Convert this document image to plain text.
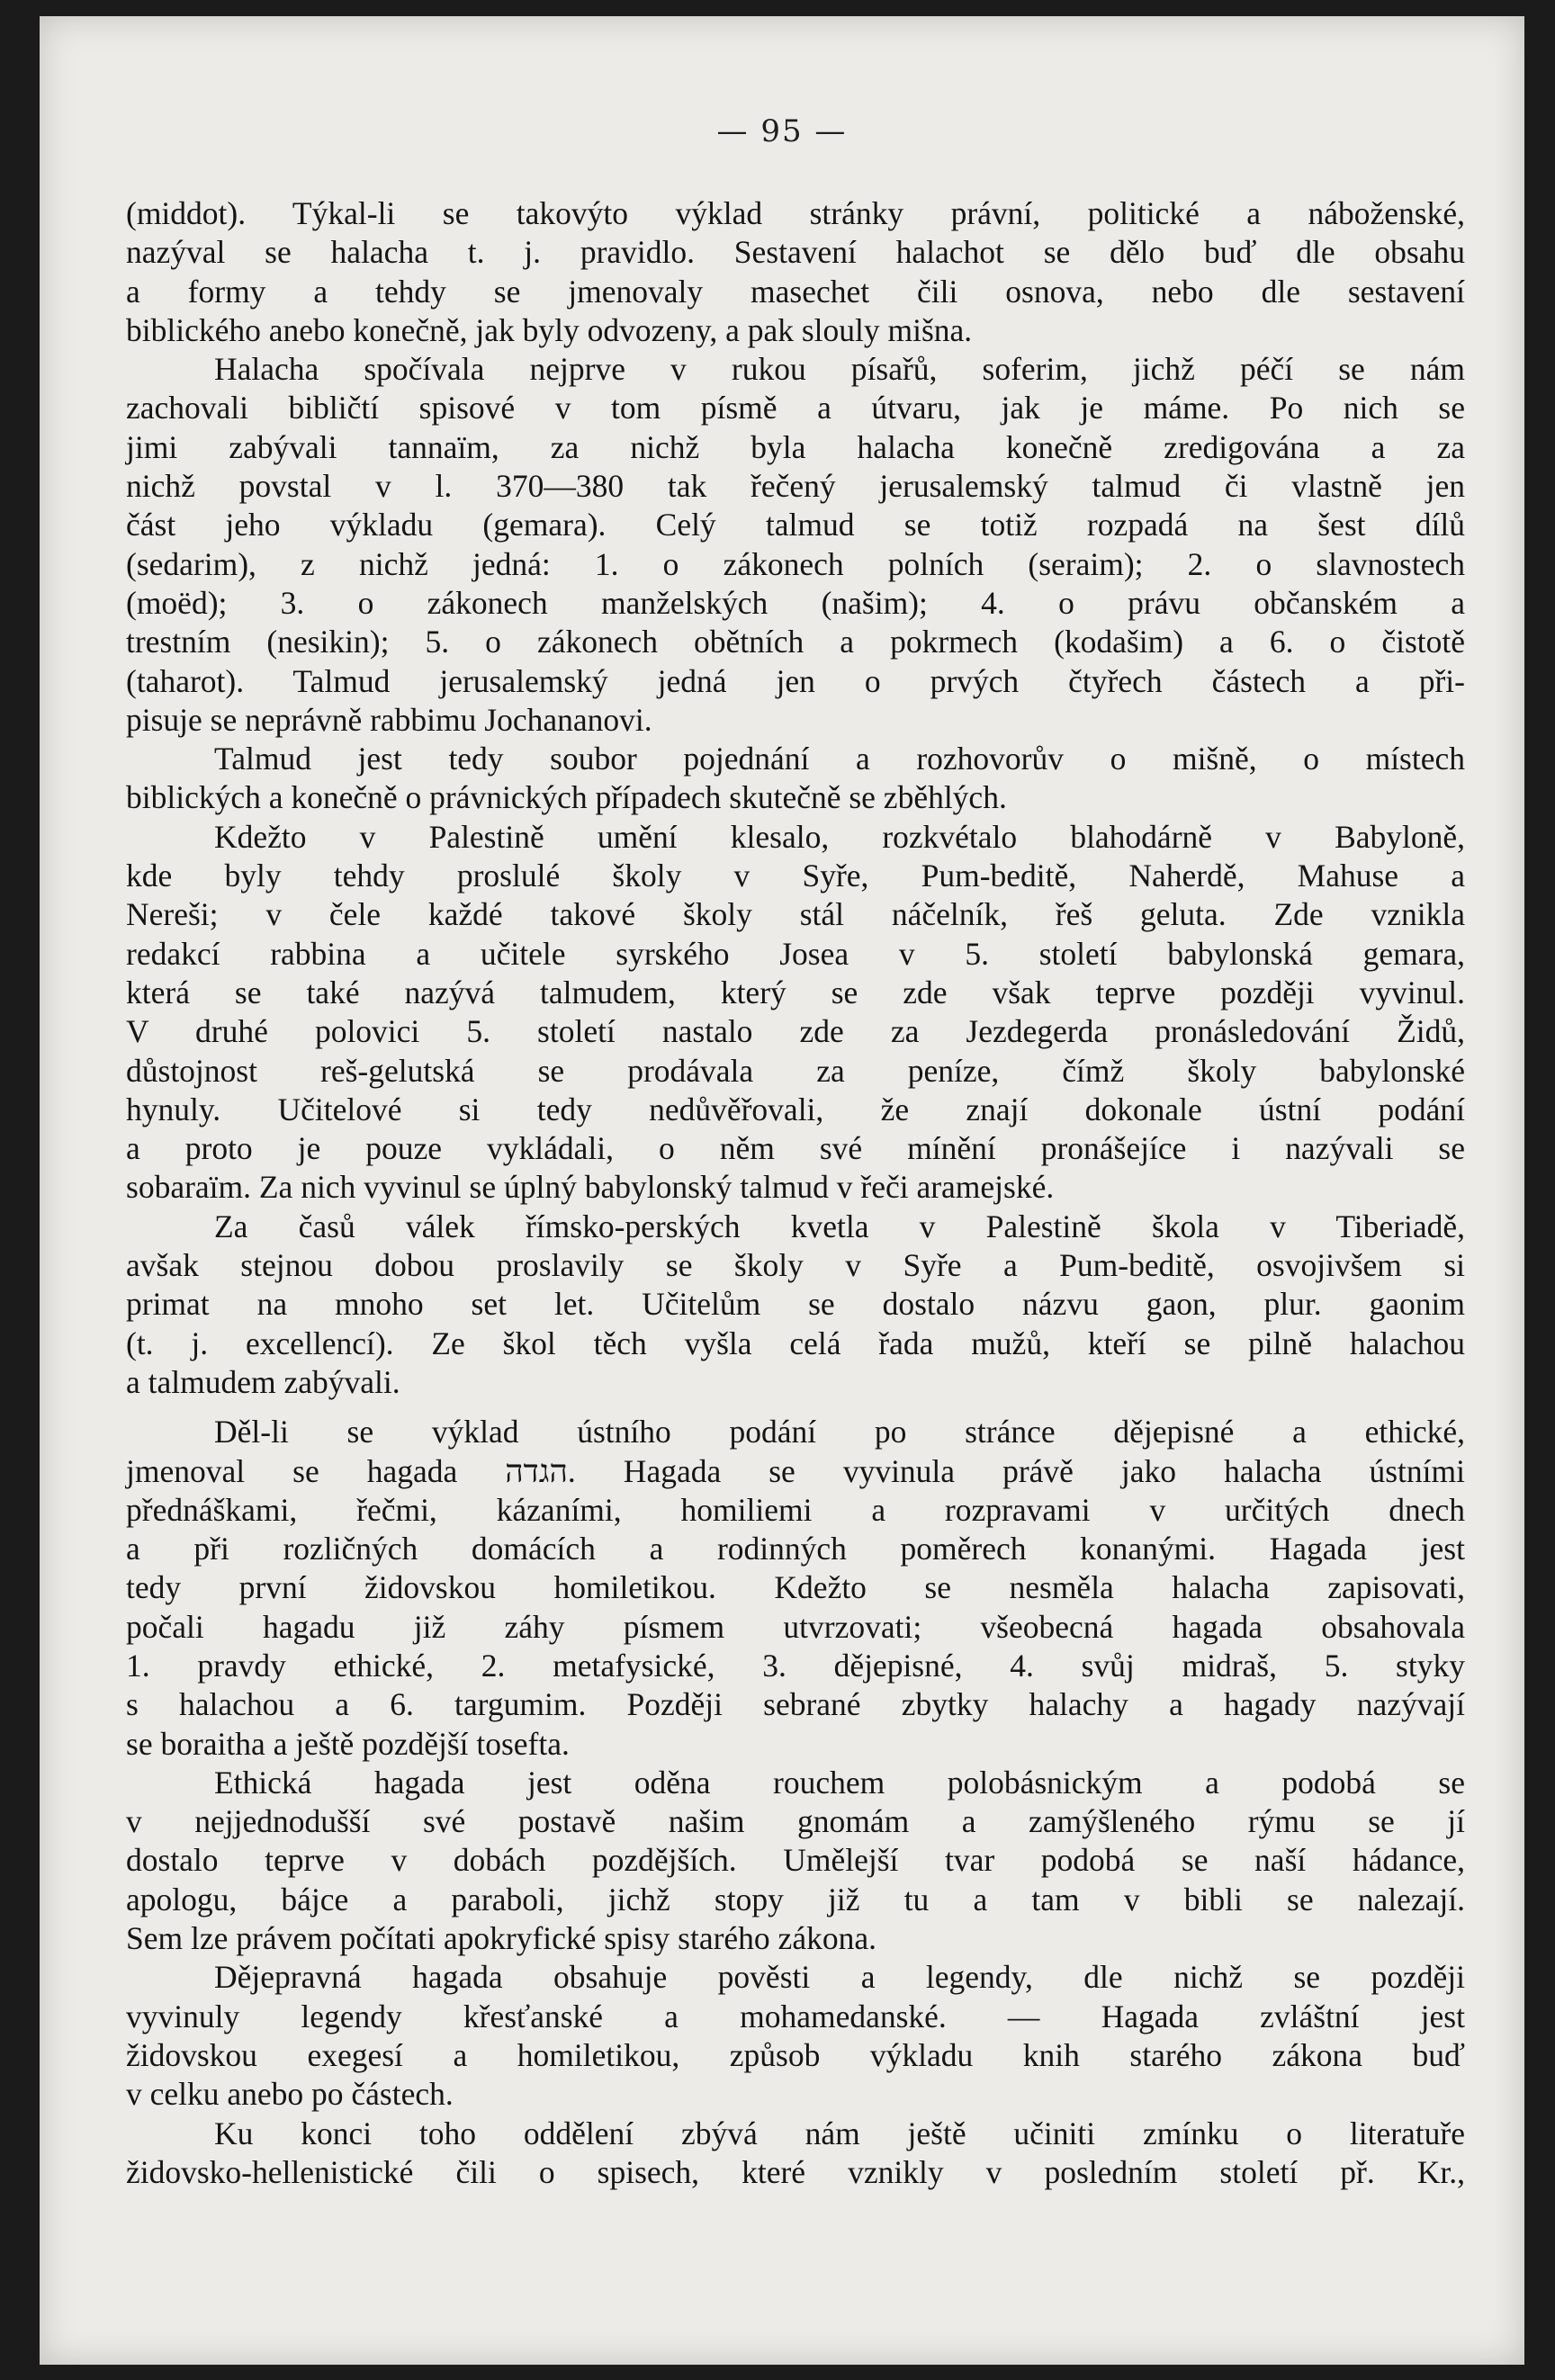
— 95 —

(middot). Týkal-li se takovýto výklad stránky právní, politické a náboženské,
nazýval se halacha t. j. pravidlo. Sestavení halachot se dělo buď dle obsahu
a formy a tehdy se jmenovaly masechet čili osnova, nebo dle sestavení
biblického anebo konečně, jak byly odvozeny, a pak slouly mišna.

Halacha spočívala nejprve v rukou písařů, soferim, jichž péčí se nám
zachovali bibličtí spisové v tom písmě a útvaru, jak je máme. Po nich se
jimi zabývali tannaïm, za nichž byla halacha konečně zredigována a za
nichž povstal v l. 370—380 tak řečený jerusalemský talmud či vlastně jen
část jeho výkladu (gemara). Celý talmud se totiž rozpadá na šest dílů
(sedarim), z nichž jedná: 1. o zákonech polních (seraim); 2. o slavnostech
(moëd); 3. o zákonech manželských (našim); 4. o právu občanském a
trestním (nesikin); 5. o zákonech obětních a pokrmech (kodašim) a 6. o čistotě
(taharot). Talmud jerusalemský jedná jen o prvých čtyřech částech a při-
pisuje se neprávně rabbimu Jochananovi.

Talmud jest tedy soubor pojednání a rozhovorův o mišně, o místech
biblických a konečně o právnických případech skutečně se zběhlých.

Kdežto v Palestině umění klesalo, rozkvétalo blahodárně v Babyloně,
kde byly tehdy proslulé školy v Syře, Pum-beditě, Naherdě, Mahuse a
Nereši; v čele každé takové školy stál náčelník, řeš geluta. Zde vznikla
redakcí rabbina a učitele syrského Josea v 5. století babylonská gemara,
která se také nazývá talmudem, který se zde však teprve později vyvinul.
V druhé polovici 5. století nastalo zde za Jezdegerda pronásledování Židů,
důstojnost reš-gelutská se prodávala za peníze, čímž školy babylonské
hynuly. Učitelové si tedy nedůvěřovali, že znají dokonale ústní podání
a proto je pouze vykládali, o něm své mínění pronášejíce i nazývali se
sobaraïm. Za nich vyvinul se úplný babylonský talmud v řeči aramejské.

Za časů válek římsko-perských kvetla v Palestině škola v Tiberiadě,
avšak stejnou dobou proslavily se školy v Syře a Pum-beditě, osvojivšem si
primat na mnoho set let. Učitelům se dostalo názvu gaon, plur. gaonim
(t. j. excellencí). Ze škol těch vyšla celá řada mužů, kteří se pilně halachou
a talmudem zabývali.

Děl-li se výklad ústního podání po stránce dějepisné a ethické,
jmenoval se hagada הגדה. Hagada se vyvinula právě jako halacha ústními
přednáškami, řečmi, kázaními, homiliemi a rozpravami v určitých dnech
a při rozličných domácích a rodinných poměrech konanými. Hagada jest
tedy první židovskou homiletikou. Kdežto se nesměla halacha zapisovati,
počali hagadu již záhy písmem utvrzovati; všeobecná hagada obsahovala
1. pravdy ethické, 2. metafysické, 3. dějepisné, 4. svůj midraš, 5. styky
s halachou a 6. targumim. Později sebrané zbytky halachy a hagady nazývají
se boraitha a ještě pozdější tosefta.

Ethická hagada jest oděna rouchem polobásnickým a podobá se
v nejjednodušší své postavě našim gnomám a zamýšleného rýmu se jí
dostalo teprve v dobách pozdějších. Umělejší tvar podobá se naší hádance,
apologu, bájce a paraboli, jichž stopy již tu a tam v bibli se nalezají.
Sem lze právem počítati apokryfické spisy starého zákona.

Dějepravná hagada obsahuje pověsti a legendy, dle nichž se později
vyvinuly legendy křesťanské a mohamedanské. — Hagada zvláštní jest
židovskou exegesí a homiletikou, způsob výkladu knih starého zákona buď
v celku anebo po částech.

Ku konci toho oddělení zbývá nám ještě učiniti zmínku o literatuře
židovsko-hellenistické čili o spisech, které vznikly v posledním století př. Kr.,
